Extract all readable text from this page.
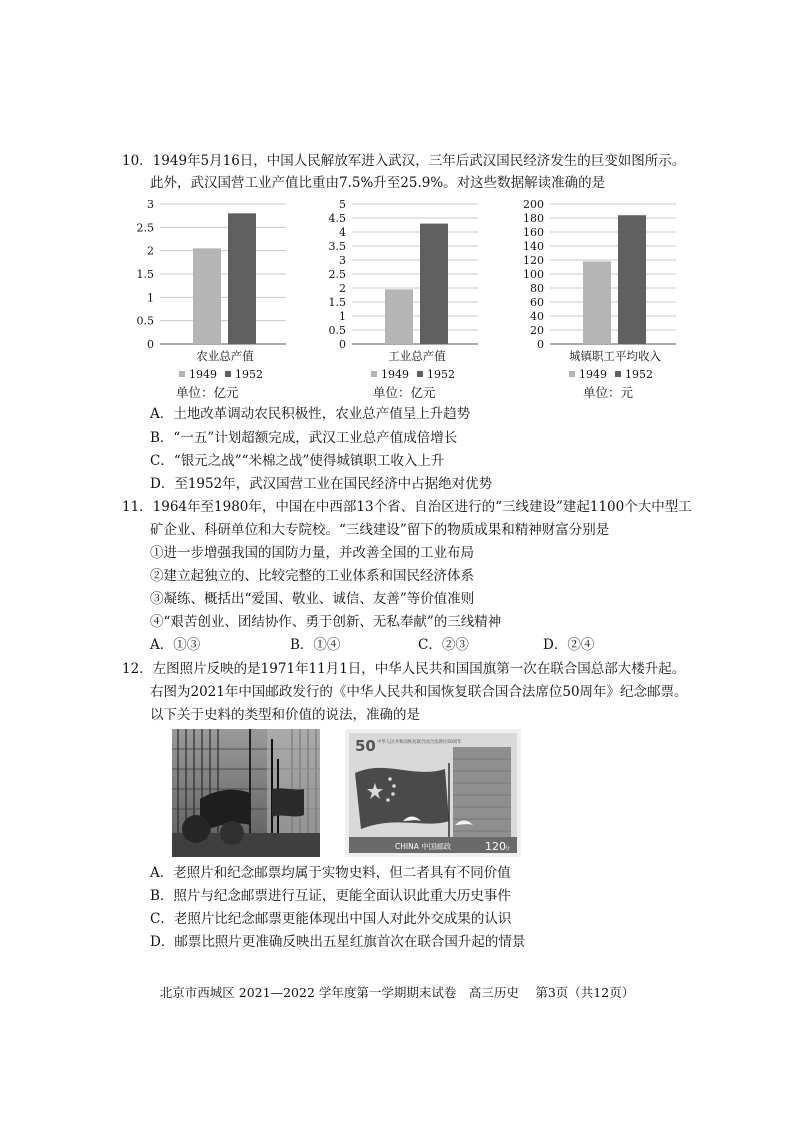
10．1949年5月16日，中国人民解放军进入武汉，三年后武汉国民经济发生的巨变如图所示。
此外，武汉国营工业产值比重由7.5%升至25.9%。对这些数据解读准确的是
0
0.5
1
1.5
2
2.5
3
农业总产值
1949 1952
0
0.5
1
1.5
2
2.5
3
3.5
4
4.5
5
工业总产值
1949 1952
0
20
40
60
80
100
120
140
160
180
200
城镇职工平均收入
1949 1952
单位：亿元	单位：亿元	单位：元
A．土地改革调动农民积极性，农业总产值呈上升趋势
B．“一五”计划超额完成，武汉工业总产值成倍增长
C．“银元之战”“米棉之战”使得城镇职工收入上升
D．至1952年，武汉国营工业在国民经济中占据绝对优势
11．1964年至1980年，中国在中西部13个省、自治区进行的“三线建设”建起1100个大中型工
矿企业、科研单位和大专院校。“三线建设”留下的物质成果和精神财富分别是
①进一步增强我国的国防力量，并改善全国的工业布局
②建立起独立的、比较完整的工业体系和国民经济体系
③凝练、概括出“爱国、敬业、诚信、友善”等价值准则
④“艰苦创业、团结协作、勇于创新、无私奉献”的三线精神
A．①③	B．①④	C．②③	D．②④
12．左图照片反映的是1971年11月1日，中华人民共和国国旗第一次在联合国总部大楼升起。
右图为2021年中国邮政发行的《中华人民共和国恢复联合国合法席位50周年》纪念邮票。
以下关于史料的类型和价值的说法，准确的是
50 中华人民共和国恢复联合国合法席位50周年
CHINA 中国邮政	120 分
A．老照片和纪念邮票均属于实物史料，但二者具有不同价值
B．照片与纪念邮票进行互证，更能全面认识此重大历史事件
C．老照片比纪念邮票更能体现出中国人对此外交成果的认识
D．邮票比照片更准确反映出五星红旗首次在联合国升起的情景
北京市西城区 2021—2022 学年度第一学期期末试卷　高三历史　 第3页（共12页）
